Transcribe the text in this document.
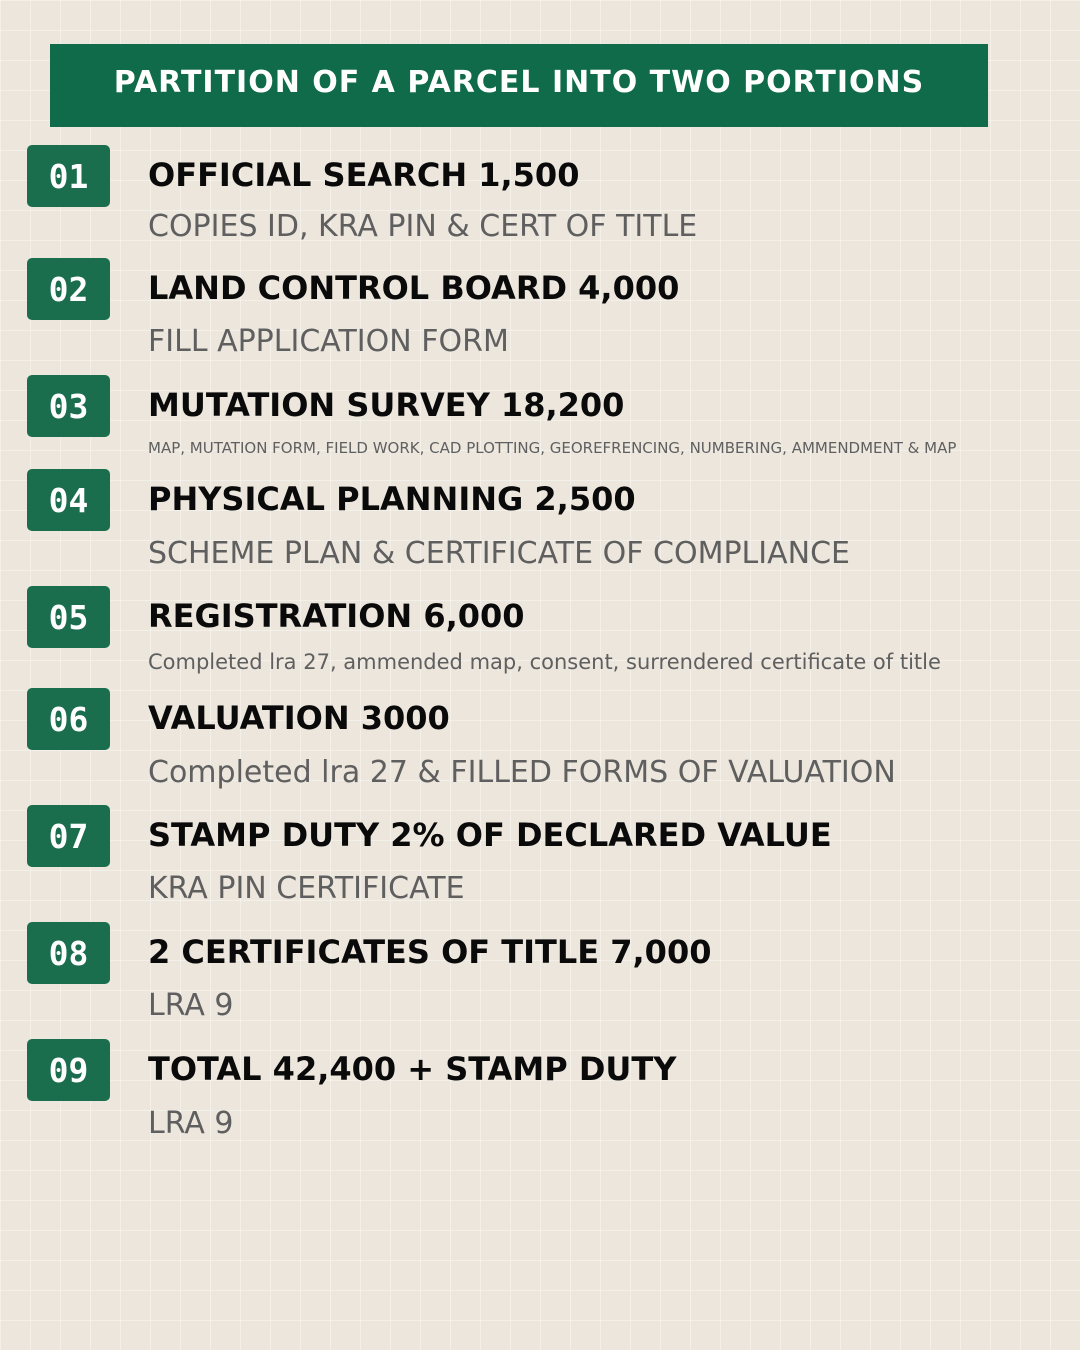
PARTITION OF A PARCEL INTO TWO PORTIONS
01 OFFICIAL SEARCH 1,500
COPIES ID, KRA PIN & CERT OF TITLE
02 LAND CONTROL BOARD 4,000
FILL APPLICATION FORM
03 MUTATION SURVEY 18,200
MAP, MUTATION FORM, FIELD WORK, CAD PLOTTING, GEOREFRENCING, NUMBERING, AMMENDMENT & MAP
04 PHYSICAL PLANNING 2,500
SCHEME PLAN & CERTIFICATE OF COMPLIANCE
05 REGISTRATION 6,000
Completed lra 27, ammended map, consent, surrendered certificate of title
06 VALUATION 3000
Completed lra 27 & FILLED FORMS OF VALUATION
07 STAMP DUTY 2% OF DECLARED VALUE
KRA PIN CERTIFICATE
08 2 CERTIFICATES OF TITLE 7,000
LRA 9
09 TOTAL 42,400 + STAMP DUTY
LRA 9
